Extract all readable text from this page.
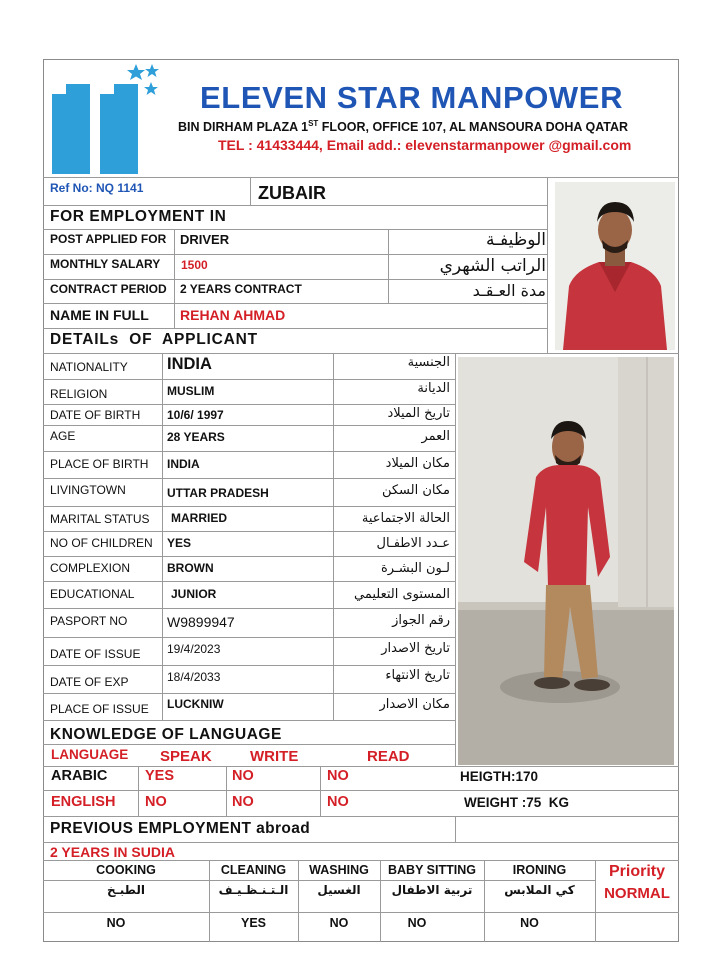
ELEVEN STAR MANPOWER
BIN DIRHAM PLAZA 1ST FLOOR, OFFICE 107, AL MANSOURA DOHA QATAR
TEL : 41433444, Email add.: elevenstarmanpower @gmail.com
Ref No: NQ 1141	ZUBAIR
FOR EMPLOYMENT IN
POST APPLIED FOR DRIVER	الوظيفـة
MONTHLY SALARY 1500	الراتب الشهري
CONTRACT PERIOD 2 YEARS CONTRACT	مدة العـقـد
NAME IN FULL REHAN AHMAD
DETAILs  OF  APPLICANT
NATIONALITY INDIA	الجنسية
RELIGION	MUSLIM	الديانة
DATE OF BIRTH 10/6/ 1997	تاريخ الميلاد
AGE	28 YEARS	العمر
PLACE OF BIRTH INDIA	مكان الميلاد
LIVINGTOWN	UTTAR PRADESH	مكان السكن
MARITAL STATUS MARRIED	الحالة الاجتماعية
NO OF CHILDREN YES	عـدد الاطفـال
COMPLEXION	BROWN	لـون البشـرة
EDUCATIONAL	JUNIOR	المستوى التعليمي
PASPORT NO	W9899947	رقم الجواز
DATE OF ISSUE 19/4/2023	تاريخ الاصدار
DATE OF EXP	18/4/2033	تاريخ الانتهاء
PLACE OF ISSUE LUCKNIW	مكان الاصدار
KNOWLEDGE OF LANGUAGE
LANGUAGE SPEAK	WRITE	READ
ARABIC	YES	NO	NO	HEIGTH:170
ENGLISH NO	NO	NO	WEIGHT :75  KG
PREVIOUS EMPLOYMENT abroad
2 YEARS IN SUDIA
COOKING	CLEANING	WASHING	BABY SITTING	IRONING	Priority
الطبـخ	الـتـنـظـيـف	الغسيل	تربية الاطفال	كي الملابس	NORMAL
NO	YES	NO	NO	NO
